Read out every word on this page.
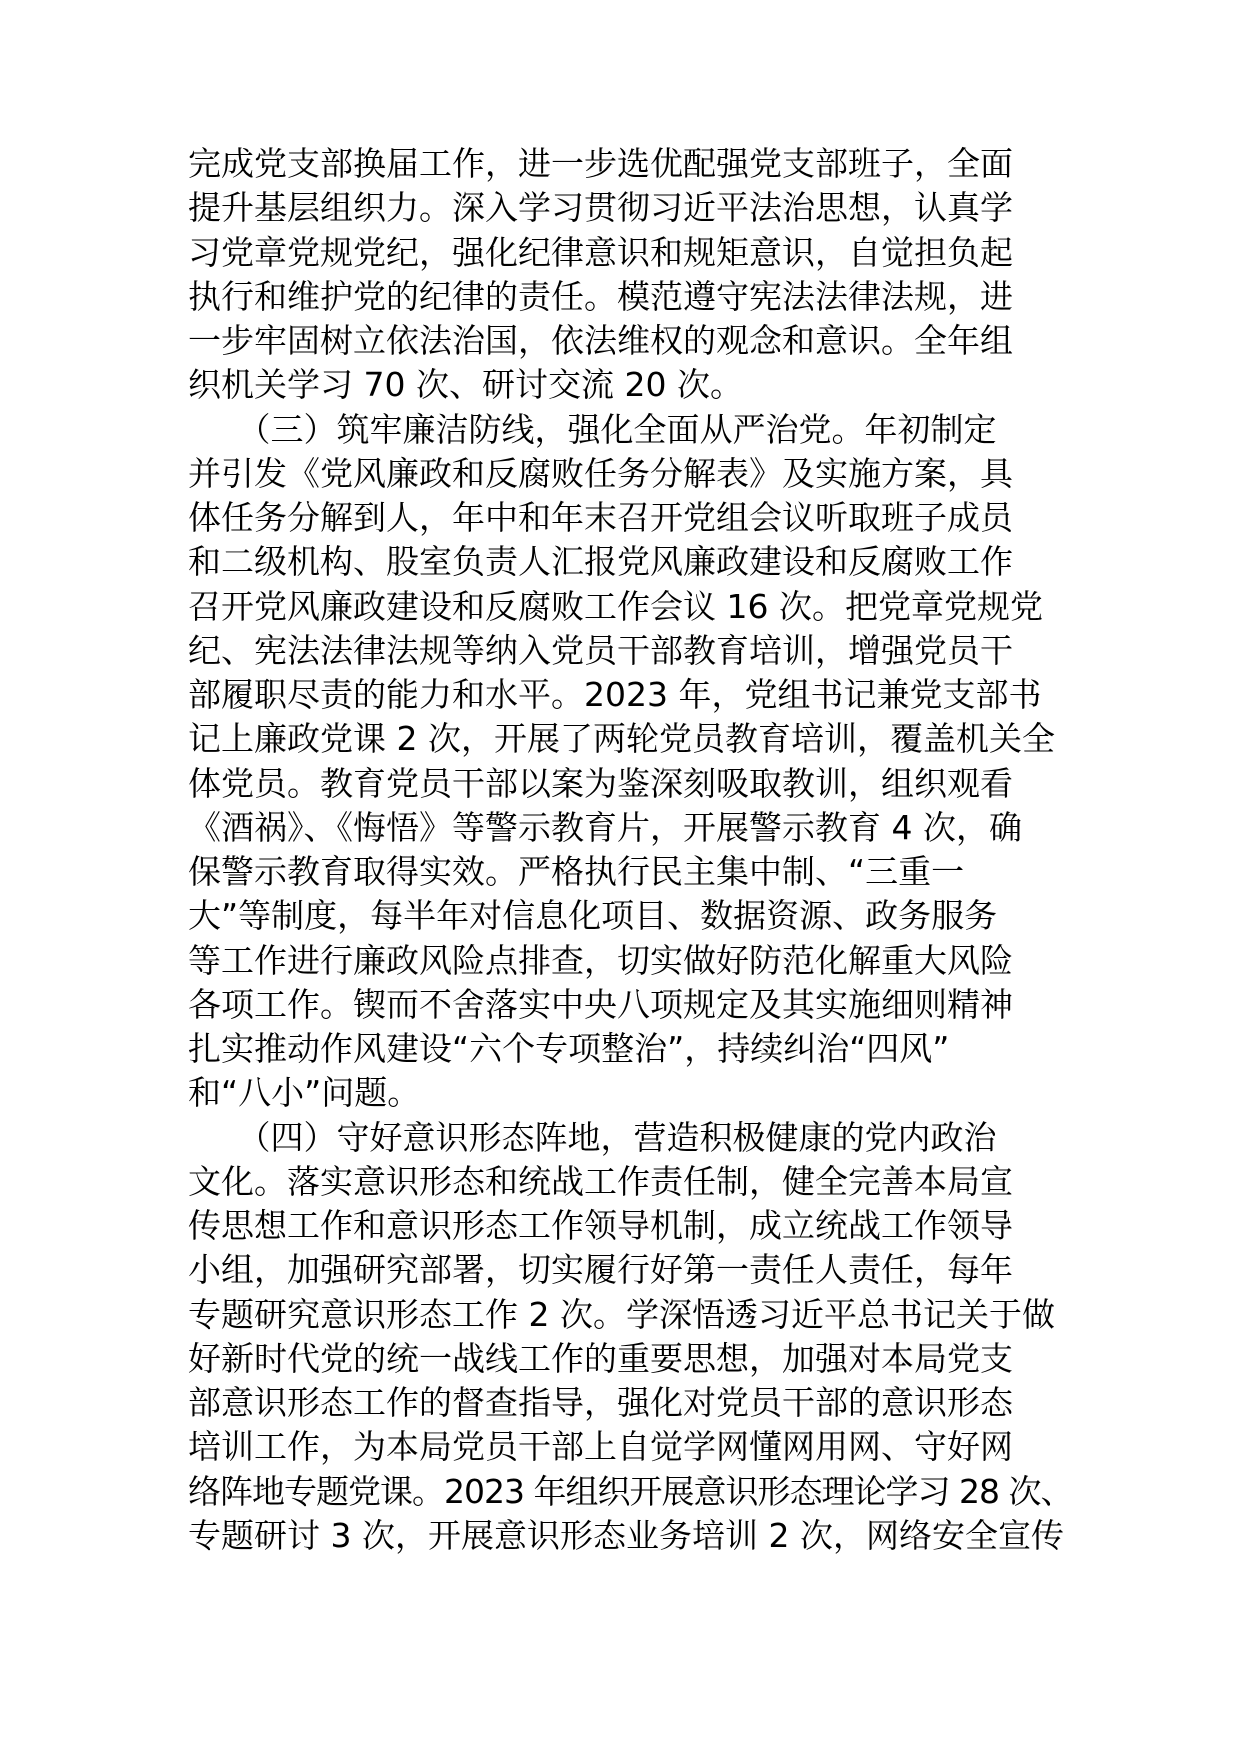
完成党支部换届工作，进一步选优配强党支部班子，全面
提升基层组织力。深入学习贯彻习近平法治思想，认真学
习党章党规党纪，强化纪律意识和规矩意识，自觉担负起
执行和维护党的纪律的责任。模范遵守宪法法律法规，进
一步牢固树立依法治国，依法维权的观念和意识。全年组
织机关学习 70 次、研讨交流 20 次。
　　（三）筑牢廉洁防线，强化全面从严治党。年初制定
并引发《党风廉政和反腐败任务分解表》及实施方案，具
体任务分解到人，年中和年末召开党组会议听取班子成员
和二级机构、股室负责人汇报党风廉政建设和反腐败工作
召开党风廉政建设和反腐败工作会议 16 次。把党章党规党
纪、宪法法律法规等纳入党员干部教育培训，增强党员干
部履职尽责的能力和水平。2023 年，党组书记兼党支部书
记上廉政党课 2 次，开展了两轮党员教育培训，覆盖机关全
体党员。教育党员干部以案为鉴深刻吸取教训，组织观看
《酒祸》、《悔悟》等警示教育片，开展警示教育 4 次，确
保警示教育取得实效。严格执行民主集中制、“三重一
大”等制度，每半年对信息化项目、数据资源、政务服务
等工作进行廉政风险点排查，切实做好防范化解重大风险
各项工作。锲而不舍落实中央八项规定及其实施细则精神
扎实推动作风建设“六个专项整治”，持续纠治“四风”
和“八小”问题。
　　（四）守好意识形态阵地，营造积极健康的党内政治
文化。落实意识形态和统战工作责任制，健全完善本局宣
传思想工作和意识形态工作领导机制，成立统战工作领导
小组，加强研究部署，切实履行好第一责任人责任，每年
专题研究意识形态工作 2 次。学深悟透习近平总书记关于做
好新时代党的统一战线工作的重要思想，加强对本局党支
部意识形态工作的督查指导，强化对党员干部的意识形态
培训工作，为本局党员干部上自觉学网懂网用网、守好网
络阵地专题党课。2023 年组织开展意识形态理论学习 28 次、
专题研讨 3 次，开展意识形态业务培训 2 次，网络安全宣传
